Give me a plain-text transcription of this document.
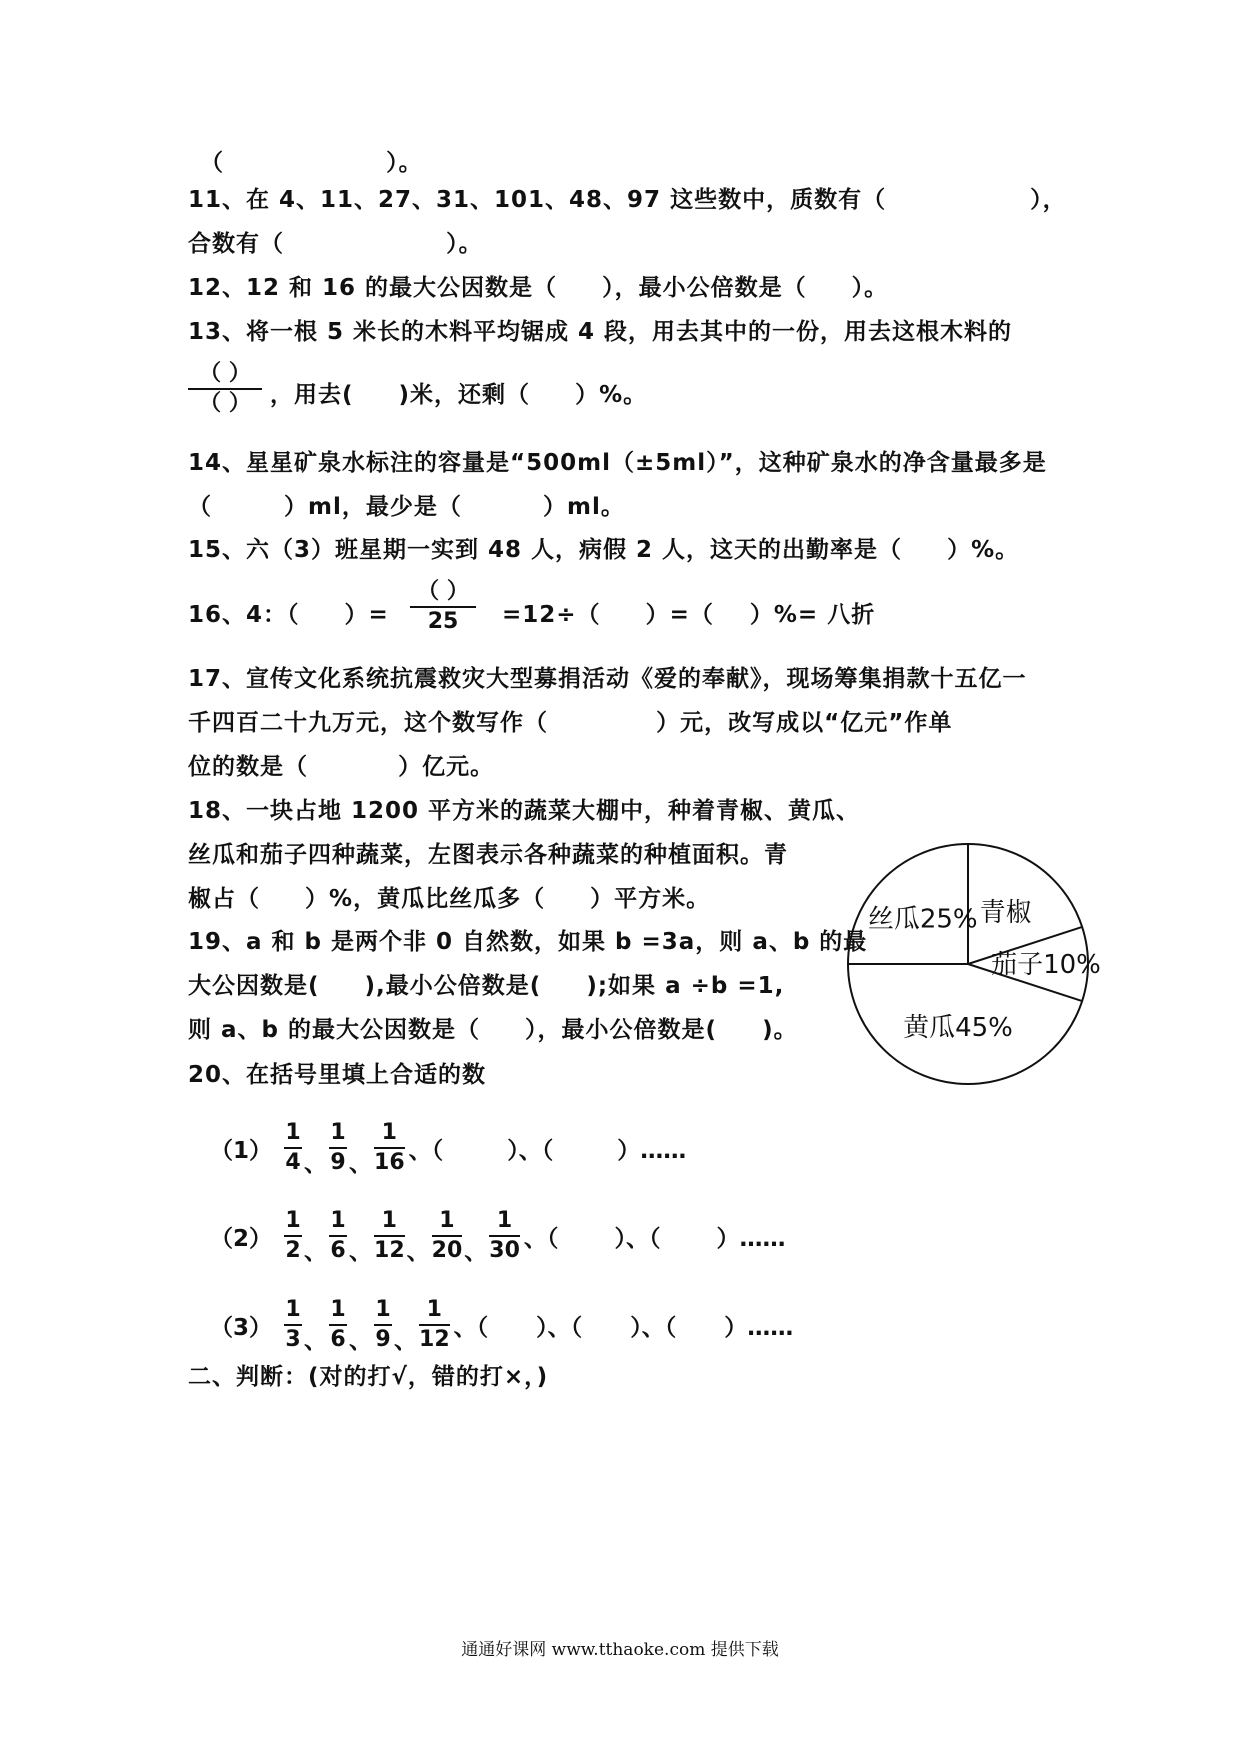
（                  ）。
11、在 4、11、27、31、101、48、97 这些数中，质数有（                ），
合数有（                  ）。
12、12 和 16 的最大公因数是（     ），最小公倍数是（     ）。
13、将一根 5 米长的木料平均锯成 4 段，用去其中的一份，用去这根木料的
（ ）
（ ） ，用去(     )米，还剩（     ）%。
14、星星矿泉水标注的容量是“500ml（±5ml）”，这种矿泉水的净含量最多是
（        ）ml，最少是（         ）ml。
15、六（3）班星期一实到 48 人，病假 2 人，这天的出勤率是（     ）%。
16、4：（     ）=
（ ）
25	=12÷（     ）=（    ）%= 八折
17、宣传文化系统抗震救灾大型募捐活动《爱的奉献》，现场筹集捐款十五亿一
千四百二十九万元，这个数写作（            ）元，改写成以“亿元”作单
位的数是（          ）亿元。
18、一块占地 1200 平方米的蔬菜大棚中，种着青椒、黄瓜、
丝瓜和茄子四种蔬菜，左图表示各种蔬菜的种植面积。青
椒占（     ）%，黄瓜比丝瓜多（     ）平方米。
19、a 和 b 是两个非 0 自然数，如果 b =3a，则 a、b 的最
大公因数是(     ),最小公倍数是(     );如果 a ÷b =1,
则 a、b 的最大公因数是（     ），最小公倍数是(     )。
20、在括号里填上合适的数
青椒
茄子10%
黄瓜45%
丝瓜25%
（1）
1
4 、
1
9 、
1
16 、（        ）、（        ）……
（2）
1
2 、
1
6 、
1
12 、
1
20 、
1
30 、（       ）、（       ）……
（3）
1
3 、
1
6 、
1
9 、
1
12 、（      ）、（      ）、（      ）……
二、判断：(对的打√，错的打×，)
通通好课网 www.tthaoke.com 提供下载
